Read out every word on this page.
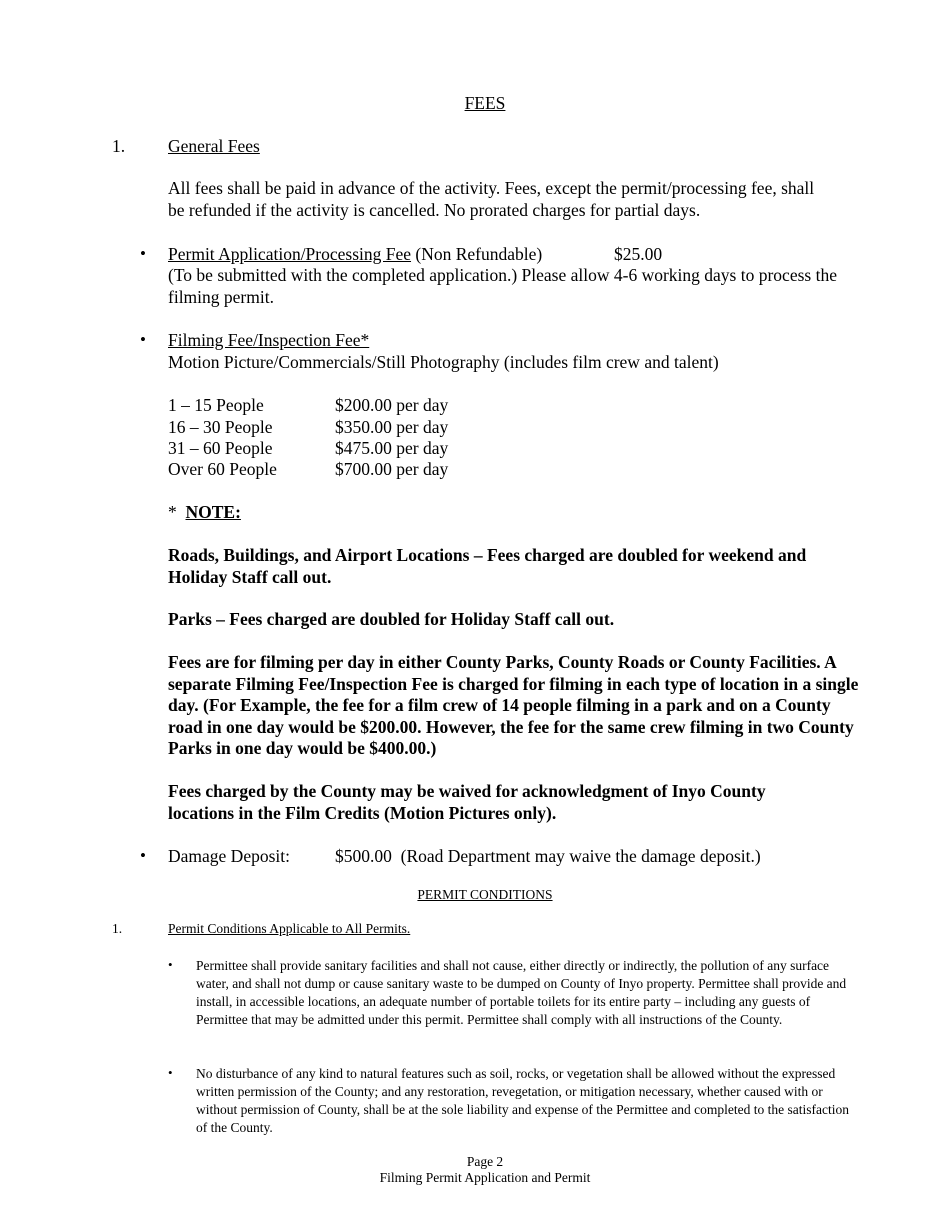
FEES
1. General Fees
All fees shall be paid in advance of the activity. Fees, except the permit/processing fee, shall be refunded if the activity is cancelled. No prorated charges for partial days.
• Permit Application/Processing Fee (Non Refundable)	$25.00
(To be submitted with the completed application.) Please allow 4-6 working days to process the filming permit.
• Filming Fee/Inspection Fee*
Motion Picture/Commercials/Still Photography (includes film crew and talent)
1 – 15 People	$200.00 per day
16 – 30 People	$350.00 per day
31 – 60 People	$475.00 per day
Over 60 People	$700.00 per day
* NOTE:
Roads, Buildings, and Airport Locations – Fees charged are doubled for weekend and Holiday Staff call out.
Parks – Fees charged are doubled for Holiday Staff call out.
Fees are for filming per day in either County Parks, County Roads or County Facilities. A separate Filming Fee/Inspection Fee is charged for filming in each type of location in a single day. (For Example, the fee for a film crew of 14 people filming in a park and on a County road in one day would be $200.00. However, the fee for the same crew filming in two County Parks in one day would be $400.00.)
Fees charged by the County may be waived for acknowledgment of Inyo County locations in the Film Credits (Motion Pictures only).
• Damage Deposit:	$500.00 (Road Department may waive the damage deposit.)
PERMIT CONDITIONS
1.	Permit Conditions Applicable to All Permits.
• Permittee shall provide sanitary facilities and shall not cause, either directly or indirectly, the pollution of any surface water, and shall not dump or cause sanitary waste to be dumped on County of Inyo property. Permittee shall provide and install, in accessible locations, an adequate number of portable toilets for its entire party – including any guests of Permittee that may be admitted under this permit. Permittee shall comply with all instructions of the County.
• No disturbance of any kind to natural features such as soil, rocks, or vegetation shall be allowed without the expressed written permission of the County; and any restoration, revegetation, or mitigation necessary, whether caused with or without permission of County, shall be at the sole liability and expense of the Permittee and completed to the satisfaction of the County.
Page 2
Filming Permit Application and Permit
